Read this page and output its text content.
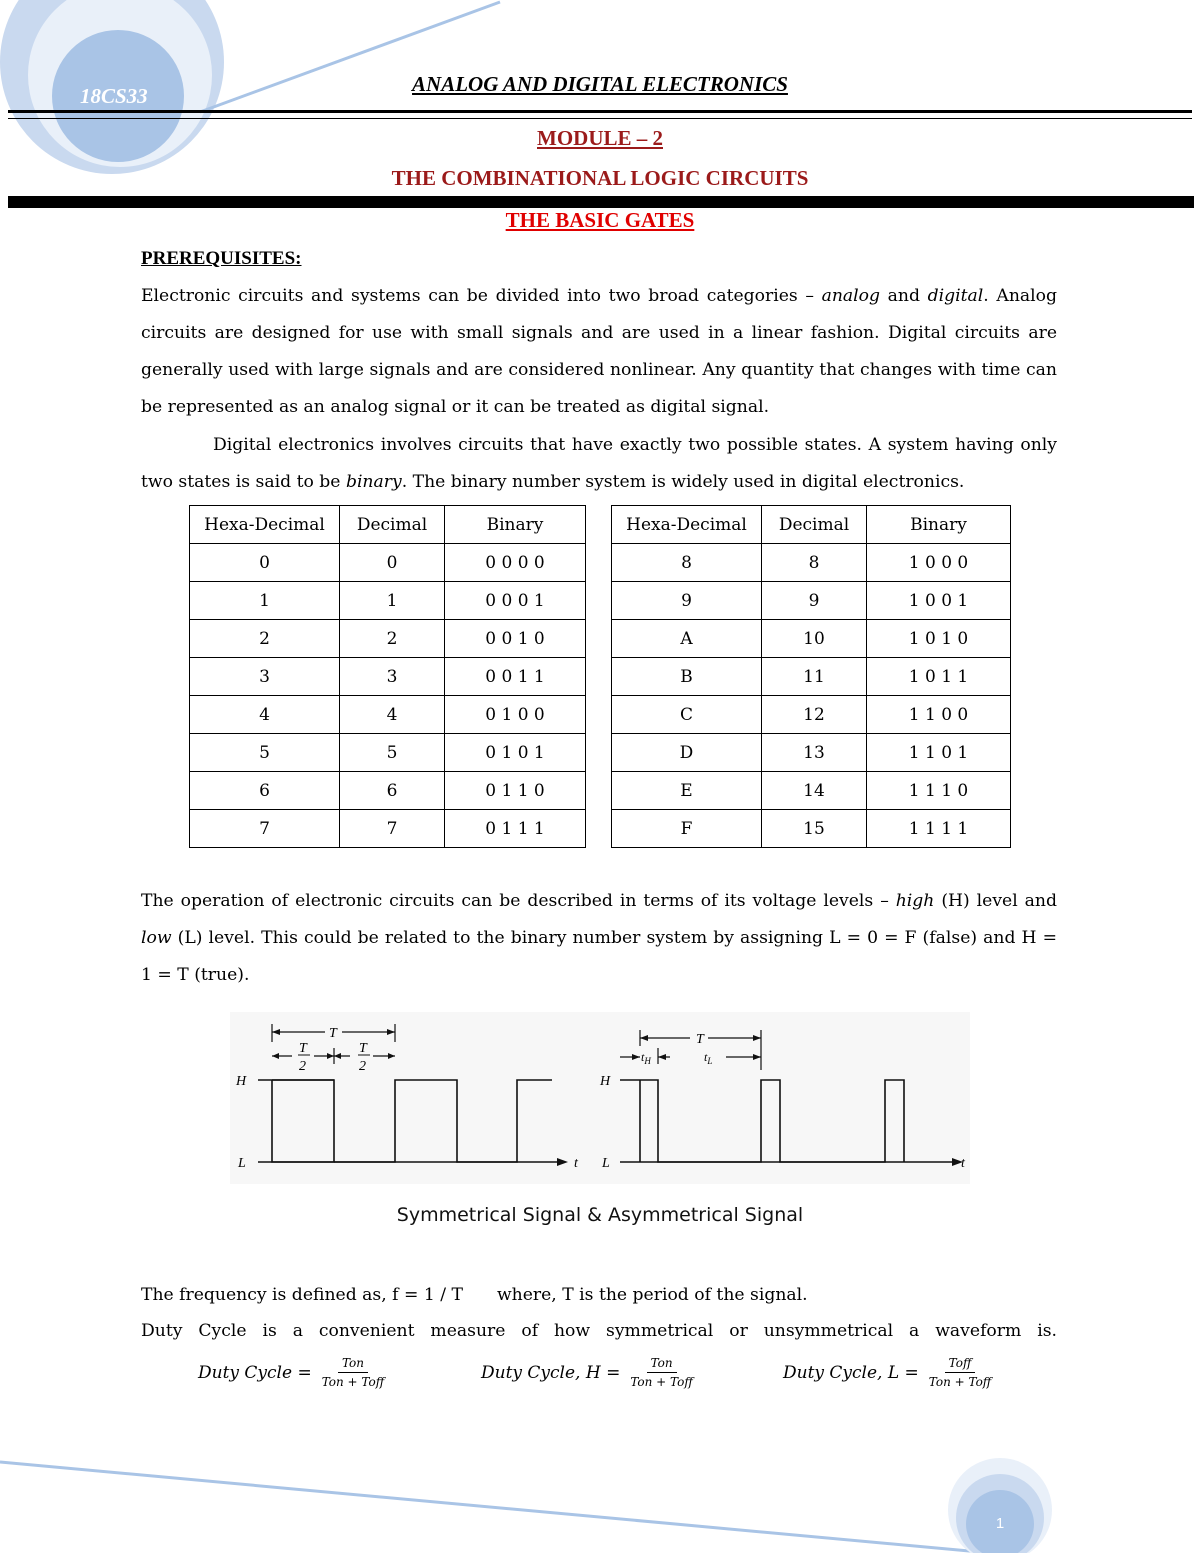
18CS33	ANALOG AND DIGITAL ELECTRONICS
MODULE – 2
THE COMBINATIONAL LOGIC CIRCUITS
THE BASIC GATES
PREREQUISITES:

Electronic circuits and systems can be divided into two broad categories – analog and digital. Analog circuits are designed for use with small signals and are used in a linear fashion. Digital circuits are generally used with large signals and are considered nonlinear. Any quantity that changes with time can be represented as an analog signal or it can be treated as digital signal.

Digital electronics involves circuits that have exactly two possible states. A system having only two states is said to be binary. The binary number system is widely used in digital electronics.

Hexa-Decimal	Decimal	Binary		Hexa-Decimal	Decimal	Binary
0	0	0 0 0 0		8	8	1 0 0 0
1	1	0 0 0 1		9	9	1 0 0 1
2	2	0 0 1 0		A	10	1 0 1 0
3	3	0 0 1 1		B	11	1 0 1 1
4	4	0 1 0 0		C	12	1 1 0 0
5	5	0 1 0 1		D	13	1 1 0 1
6	6	0 1 1 0		E	14	1 1 1 0
7	7	0 1 1 1		F	15	1 1 1 1

The operation of electronic circuits can be described in terms of its voltage levels – high (H) level and low (L) level. This could be related to the binary number system by assigning L = 0 = F (false) and H = 1 = T (true).

H
L	t
T
T
2
T
2
H
L	t
T
$t_H$	$t_L$
Symmetrical Signal & Asymmetrical Signal
The frequency is defined as, f = 1 / T where, T is the period of the signal.
Duty Cycle is a convenient measure of how symmetrical or unsymmetrical a waveform is.
Duty Cycle = $\frac{\text{Ton}}{\text{Ton + Toff}}$	Duty Cycle, $H = \frac{\text{Ton}}{\text{Ton + Toff}}$	Duty Cycle, $L = \frac{\text{Toff}}{\text{Ton + Toff}}$
1
